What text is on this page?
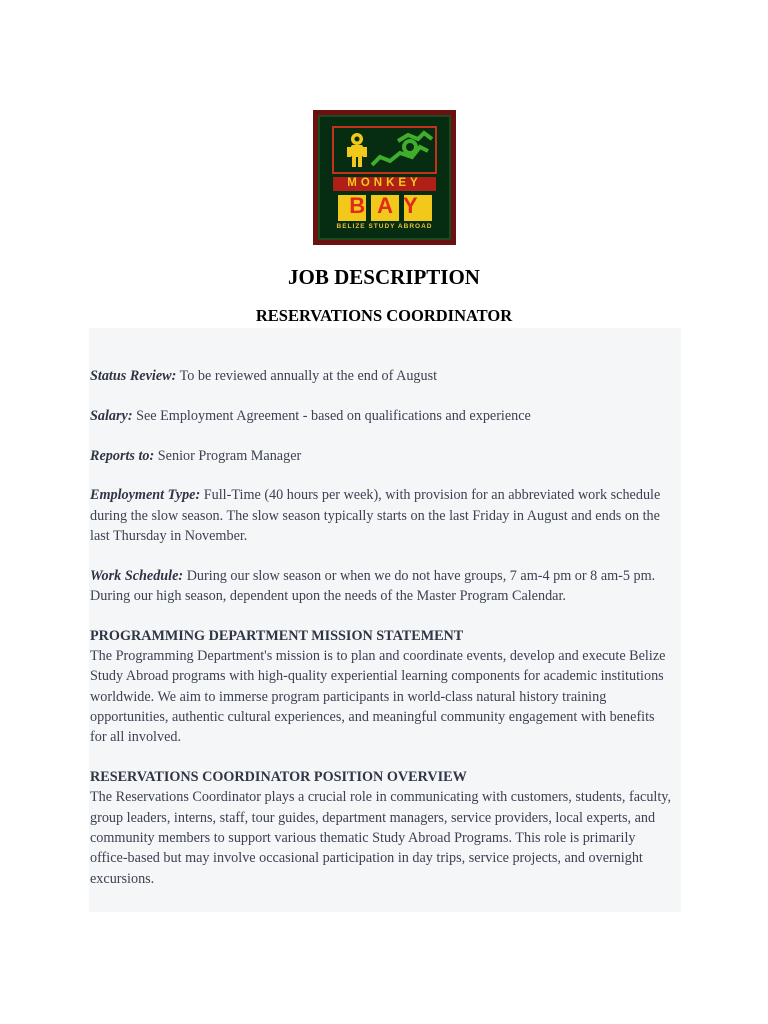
MONKEY
BAY
BELIZE STUDY ABROAD
JOB DESCRIPTION
RESERVATIONS COORDINATOR

Status Review: To be reviewed annually at the end of August

Salary: See Employment Agreement - based on qualifications and experience

Reports to: Senior Program Manager

Employment Type: Full-Time (40 hours per week), with provision for an abbreviated work schedule during the slow season. The slow season typically starts on the last Friday in August and ends on the last Thursday in November.

Work Schedule: During our slow season or when we do not have groups, 7 am-4 pm or 8 am-5 pm. During our high season, dependent upon the needs of the Master Program Calendar.

PROGRAMMING DEPARTMENT MISSION STATEMENT
The Programming Department's mission is to plan and coordinate events, develop and execute Belize Study Abroad programs with high-quality experiential learning components for academic institutions worldwide. We aim to immerse program participants in world-class natural history training opportunities, authentic cultural experiences, and meaningful community engagement with benefits for all involved.
RESERVATIONS COORDINATOR POSITION OVERVIEW
The Reservations Coordinator plays a crucial role in communicating with customers, students, faculty, group leaders, interns, staff, tour guides, department managers, service providers, local experts, and community members to support various thematic Study Abroad Programs. This role is primarily office-based but may involve occasional participation in day trips, service projects, and overnight excursions.
